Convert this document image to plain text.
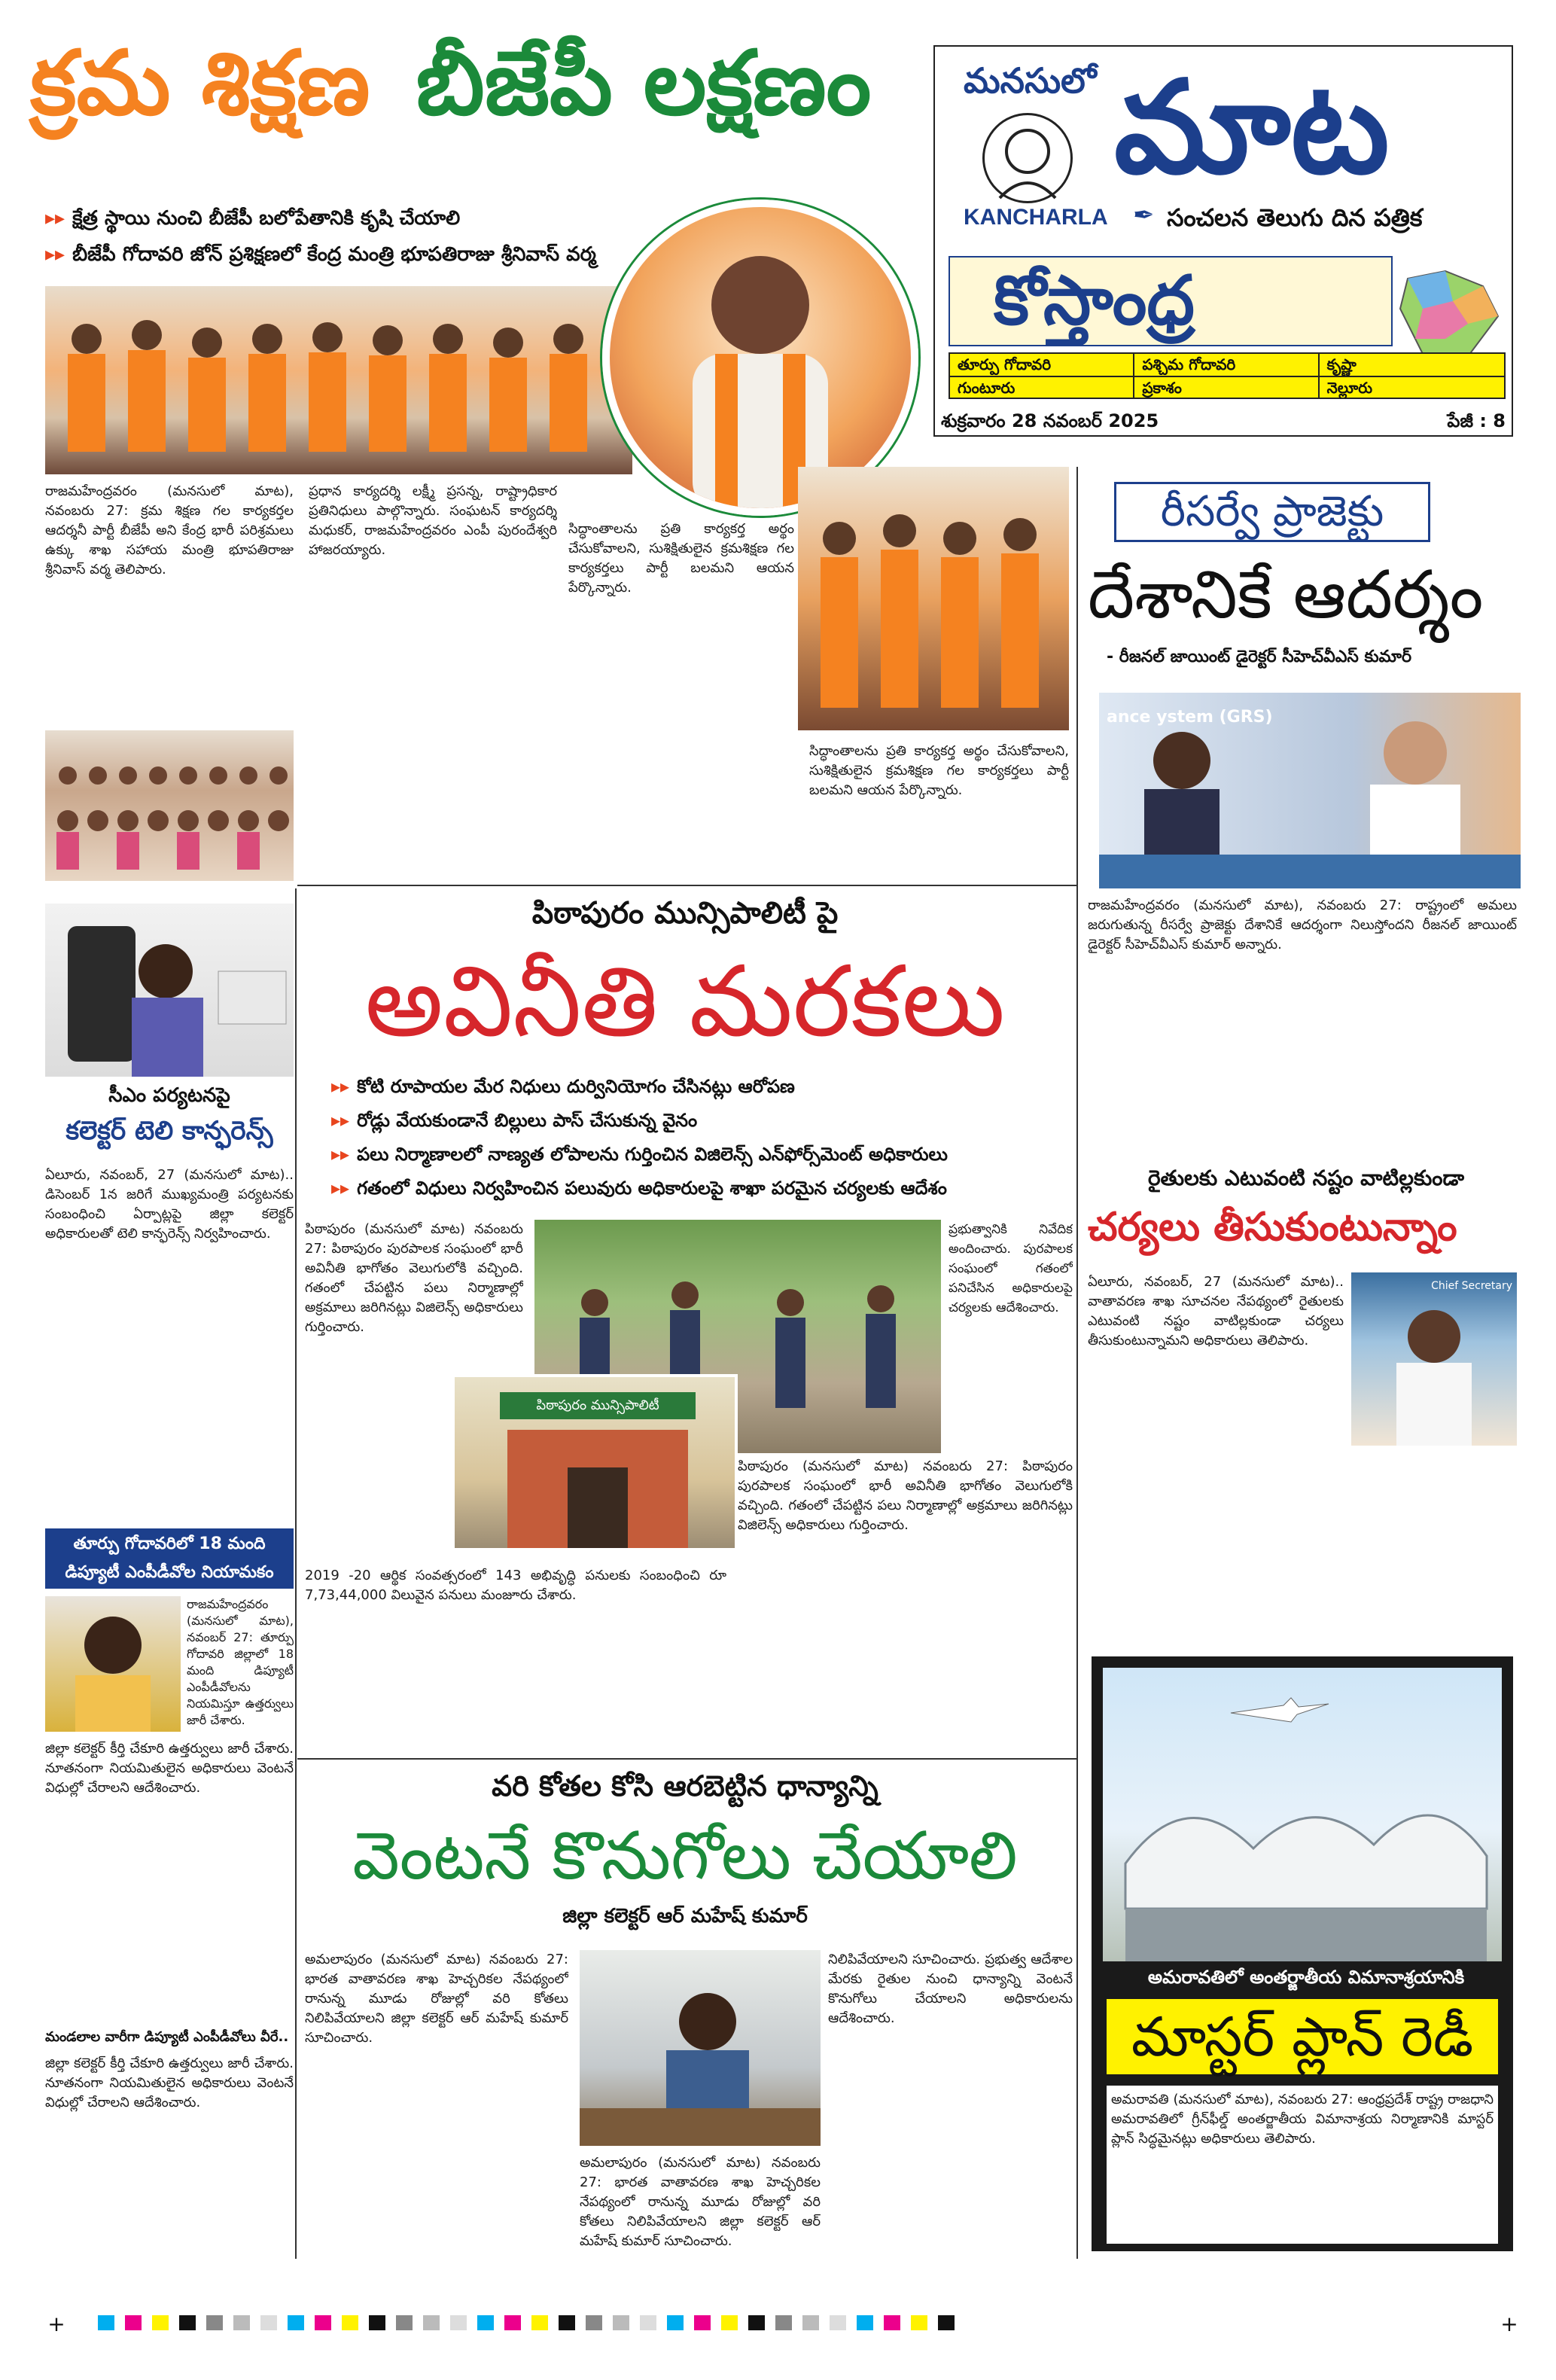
క్రమ శిక్షణ బీజేపీ లక్షణం
▸▸ క్షేత్ర స్థాయి నుంచి బీజేపీ బలోపేతానికి కృషి చేయాలి
▸▸ బీజేపీ గోదావరి జోన్ ప్రశిక్షణలో కేంద్ర మంత్రి భూపతిరాజు శ్రీనివాస్ వర్మ
రాజమహేంద్రవరం (మనసులో మాట), నవంబరు 27: క్రమ శిక్షణ గల కార్యకర్తల ఆదర్శనీ పార్టీ బీజేపీ అని కేంద్ర భారీ పరిశ్రమలు ఉక్కు శాఖ సహాయ మంత్రి భూపతిరాజు శ్రీనివాస్ వర్మ తెలిపారు.
ప్రధాన కార్యదర్శి లక్ష్మీ ప్రసన్న, రాష్ట్రాధికార ప్రతినిధులు పాల్గొన్నారు. సంఘటన్ కార్యదర్శి మధుకర్, రాజమహేంద్రవరం ఎంపీ పురందేశ్వరి హాజరయ్యారు.
సిద్ధాంతాలను ప్రతి కార్యకర్త అర్థం చేసుకోవాలని, సుశిక్షితులైన క్రమశిక్షణ గల కార్యకర్తలు పార్టీ బలమని ఆయన పేర్కొన్నారు.
సిద్ధాంతాలను ప్రతి కార్యకర్త అర్థం చేసుకోవాలని, సుశిక్షితులైన క్రమశిక్షణ గల కార్యకర్తలు పార్టీ బలమని ఆయన పేర్కొన్నారు.
మనసులో మాట
KANCHARLA ✒ సంచలన తెలుగు దిన పత్రిక
కోస్తాంధ్ర
తూర్పు గోదావరి	పశ్చిమ గోదావరి	కృష్ణా
గుంటూరు	ప్రకాశం	నెల్లూరు
శుక్రవారం 28 నవంబర్ 2025	పేజీ : 8
రీసర్వే ప్రాజెక్టు
దేశానికే ఆదర్శం
- రీజనల్ జాయింట్ డైరెక్టర్ సీహెచ్‌వీఎస్ కుమార్
ance ystem (GRS)
రాజమహేంద్రవరం (మనసులో మాట), నవంబరు 27: రాష్ట్రంలో అమలు జరుగుతున్న రీసర్వే ప్రాజెక్టు దేశానికే ఆదర్శంగా నిలుస్తోందని రీజనల్ జాయింట్ డైరెక్టర్ సీహెచ్‌వీఎస్ కుమార్ అన్నారు.
రైతులకు ఎటువంటి నష్టం వాటిల్లకుండా
చర్యలు తీసుకుంటున్నాం
ఏలూరు, నవంబర్, 27 (మనసులో మాట).. వాతావరణ శాఖ సూచనల నేపథ్యంలో రైతులకు ఎటువంటి నష్టం వాటిల్లకుండా చర్యలు తీసుకుంటున్నామని అధికారులు తెలిపారు.
Chief Secretary
అమరావతిలో అంతర్జాతీయ విమానాశ్రయానికి
మాస్టర్ ప్లాన్ రెడీ
అమరావతి (మనసులో మాట), నవంబరు 27: ఆంధ్రప్రదేశ్ రాష్ట్ర రాజధాని అమరావతిలో గ్రీన్‌ఫీల్డ్ అంతర్జాతీయ విమానాశ్రయ నిర్మాణానికి మాస్టర్ ప్లాన్ సిద్ధమైనట్లు అధికారులు తెలిపారు.
సీఎం పర్యటనపై
కలెక్టర్ టెలి కాన్ఫరెన్స్
ఏలూరు, నవంబర్, 27 (మనసులో మాట).. డిసెంబర్ 1న జరిగే ముఖ్యమంత్రి పర్యటనకు సంబంధించి ఏర్పాట్లపై జిల్లా కలెక్టర్ అధికారులతో టెలి కాన్ఫరెన్స్ నిర్వహించారు.
తూర్పు గోదావరిలో 18 మంది డిప్యూటీ ఎంపీడీవోల నియామకం
రాజమహేంద్రవరం (మనసులో మాట), నవంబర్ 27: తూర్పు గోదావరి జిల్లాలో 18 మంది డిప్యూటీ ఎంపీడీవోలను నియమిస్తూ ఉత్తర్వులు జారీ చేశారు.
జిల్లా కలెక్టర్ కీర్తి చేకూరి ఉత్తర్వులు జారీ చేశారు. నూతనంగా నియమితులైన అధికారులు వెంటనే విధుల్లో చేరాలని ఆదేశించారు.
మండలాల వారీగా డిప్యూటీ ఎంపీడీవోలు వీరే..
జిల్లా కలెక్టర్ కీర్తి చేకూరి ఉత్తర్వులు జారీ చేశారు. నూతనంగా నియమితులైన అధికారులు వెంటనే విధుల్లో చేరాలని ఆదేశించారు.
పిఠాపురం మున్సిపాలిటీ పై
అవినీతి మరకలు
▸▸ కోటి రూపాయల మేర నిధులు దుర్వినియోగం చేసినట్లు ఆరోపణ
▸▸ రోడ్లు వేయకుండానే బిల్లులు పాస్ చేసుకున్న వైనం
▸▸ పలు నిర్మాణాలలో నాణ్యత లోపాలను గుర్తించిన విజిలెన్స్ ఎన్‌ఫోర్స్‌మెంట్ అధికారులు
▸▸ గతంలో విధులు నిర్వహించిన పలువురు అధికారులపై శాఖా పరమైన చర్యలకు ఆదేశం
పిఠాపురం (మనసులో మాట) నవంబరు 27: పిఠాపురం పురపాలక సంఘంలో భారీ అవినీతి భాగోతం వెలుగులోకి వచ్చింది. గతంలో చేపట్టిన పలు నిర్మాణాల్లో అక్రమాలు జరిగినట్లు విజిలెన్స్ అధికారులు గుర్తించారు.
పిఠాపురం మున్సిపాలిటీ
2019 -20 ఆర్థిక సంవత్సరంలో 143 అభివృద్ధి పనులకు సంబంధించి రూ 7,73,44,000 విలువైన పనులు మంజూరు చేశారు.
ప్రభుత్వానికి నివేదిక అందించారు. పురపాలక సంఘంలో గతంలో పనిచేసిన అధికారులపై చర్యలకు ఆదేశించారు.
పిఠాపురం (మనసులో మాట) నవంబరు 27: పిఠాపురం పురపాలక సంఘంలో భారీ అవినీతి భాగోతం వెలుగులోకి వచ్చింది. గతంలో చేపట్టిన పలు నిర్మాణాల్లో అక్రమాలు జరిగినట్లు విజిలెన్స్ అధికారులు గుర్తించారు.
వరి కోతల కోసి ఆరబెట్టిన ధాన్యాన్ని
వెంటనే కొనుగోలు చేయాలి
జిల్లా కలెక్టర్ ఆర్ మహేష్ కుమార్
అమలాపురం (మనసులో మాట) నవంబరు 27: భారత వాతావరణ శాఖ హెచ్చరికల నేపథ్యంలో రానున్న మూడు రోజుల్లో వరి కోతలు నిలిపివేయాలని జిల్లా కలెక్టర్ ఆర్ మహేష్ కుమార్ సూచించారు.
నిలిపివేయాలని సూచించారు. ప్రభుత్వ ఆదేశాల మేరకు రైతుల నుంచి ధాన్యాన్ని వెంటనే కొనుగోలు చేయాలని అధికారులను ఆదేశించారు.
అమలాపురం (మనసులో మాట) నవంబరు 27: భారత వాతావరణ శాఖ హెచ్చరికల నేపథ్యంలో రానున్న మూడు రోజుల్లో వరి కోతలు నిలిపివేయాలని జిల్లా కలెక్టర్ ఆర్ మహేష్ కుమార్ సూచించారు.
+	+
